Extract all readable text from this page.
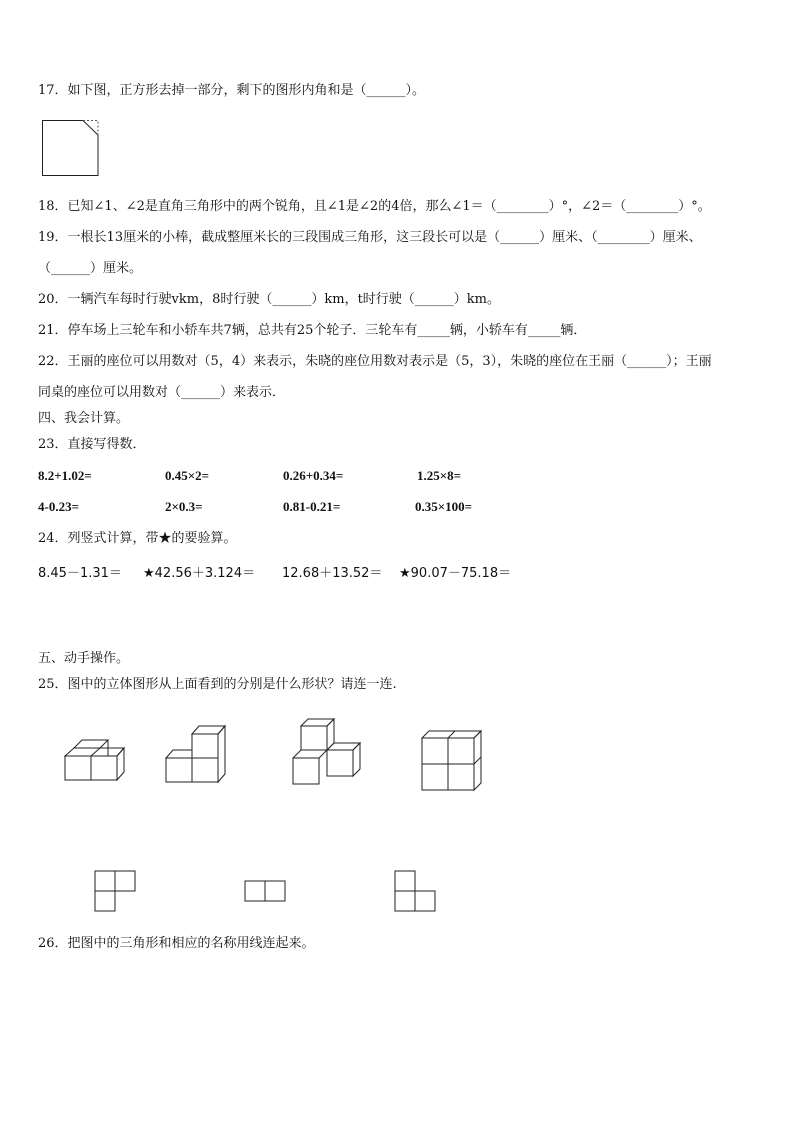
17．如下图，正方形去掉一部分，剩下的图形内角和是（______）。
18．已知∠1、∠2是直角三角形中的两个锐角，且∠1是∠2的4倍，那么∠1＝（________）°，∠2＝（________）°。
19．一根长13厘米的小棒，截成整厘米长的三段围成三角形，这三段长可以是（______）厘米、（________）厘米、
（______）厘米。
20．一辆汽车每时行驶vkm，8时行驶（______）km，t时行驶（______）km。
21．停车场上三轮车和小轿车共7辆，总共有25个轮子．三轮车有_____辆，小轿车有_____辆．
22．王丽的座位可以用数对（5，4）来表示，朱晓的座位用数对表示是（5，3），朱晓的座位在王丽（______）；王丽
同桌的座位可以用数对（______）来表示．
四、我会计算。
23．直接写得数．
8.2+1.02=	0.45×2=	0.26+0.34=	1.25×8=
4-0.23=	2×0.3=	0.81-0.21=	0.35×100=
24．列竖式计算，带★的要验算。
8.45－1.31＝ ★42.56＋3.124＝ 12.68＋13.52＝ ★90.07－75.18＝
五、动手操作。
25．图中的立体图形从上面看到的分别是什么形状？请连一连.
26．把图中的三角形和相应的名称用线连起来。
